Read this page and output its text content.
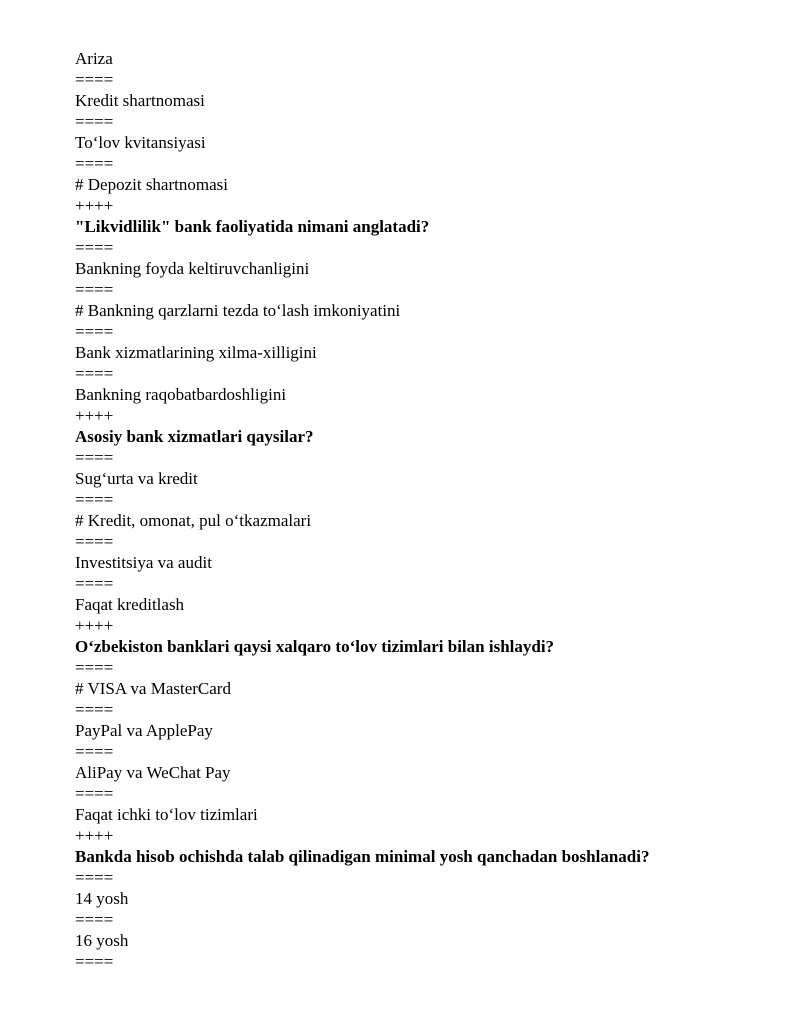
Ariza
====
Kredit shartnomasi
====
To‘lov kvitansiyasi
====
# Depozit shartnomasi
++++
"Likvidlilik" bank faoliyatida nimani anglatadi?
====
Bankning foyda keltiruvchanligini
====
# Bankning qarzlarni tezda to‘lash imkoniyatini
====
Bank xizmatlarining xilma-xilligini
====
Bankning raqobatbardoshligini
++++
Asosiy bank xizmatlari qaysilar?
====
Sug‘urta va kredit
====
# Kredit, omonat, pul o‘tkazmalari
====
Investitsiya va audit
====
Faqat kreditlash
++++
O‘zbekiston banklari qaysi xalqaro to‘lov tizimlari bilan ishlaydi?
====
# VISA va MasterCard
====
PayPal va ApplePay
====
AliPay va WeChat Pay
====
Faqat ichki to‘lov tizimlari
++++
Bankda hisob ochishda talab qilinadigan minimal yosh qanchadan boshlanadi?
====
14 yosh
====
16 yosh
====
